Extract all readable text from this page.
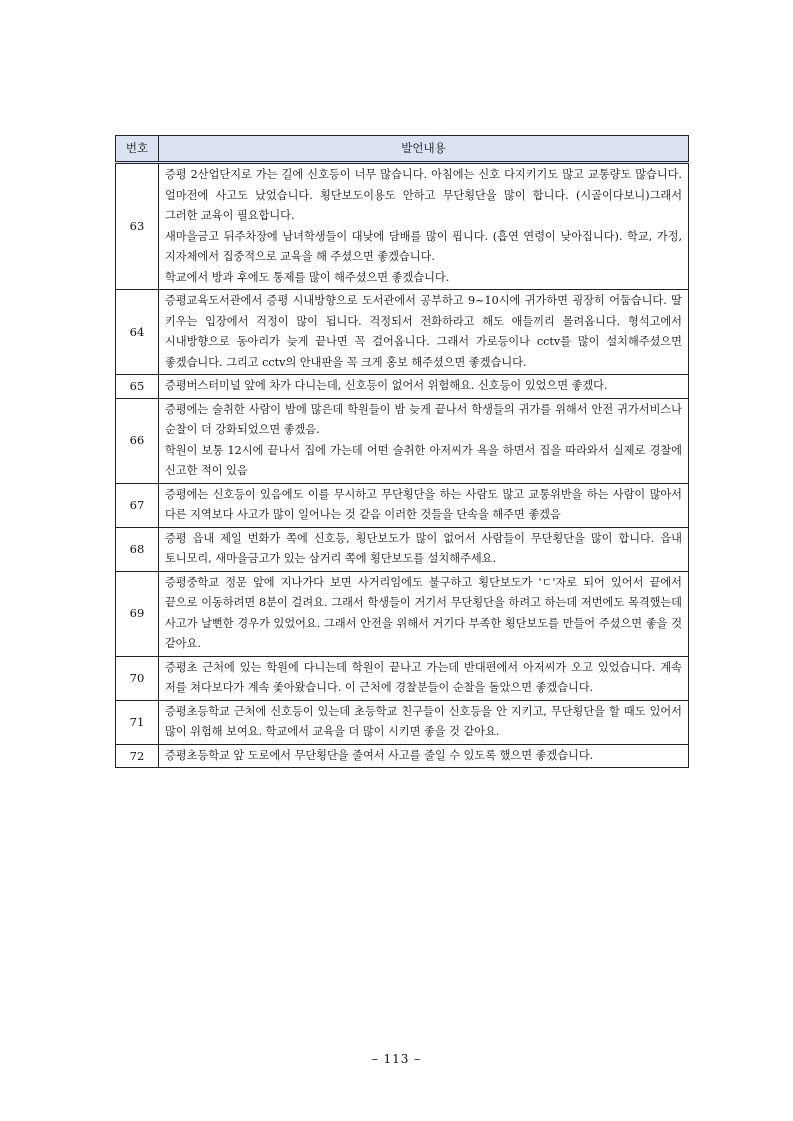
번호	발언내용
63	증평 2산업단지로 가는 길에 신호등이 너무 많습니다. 아침에는 신호 다지키기도 많고 교통량도 많습니다. 얼마전에 사고도 났었습니다. 횡단보도이용도 안하고 무단횡단을 많이 합니다. (시골이다보니)그래서 그러한 교육이 필요합니다.
새마을금고 뒤주차장에 남녀학생들이 대낮에 담배를 많이 핍니다. (흡연 연령이 낮아집니다). 학교, 가정, 지자체에서 집중적으로 교육을 해 주셨으면 좋겠습니다.
학교에서 방과 후에도 통제를 많이 해주셨으면 좋겠습니다.

64	증평교육도서관에서 증평 시내방향으로 도서관에서 공부하고 9~10시에 귀가하면 굉장히 어둡습니다. 딸 키우는 입장에서 걱정이 많이 됩니다. 걱정되서 전화하라고 해도 애들끼리 몰려옵니다. 형석고에서 시내방향으로 동아리가 늦게 끝나면 꼭 걸어옵니다. 그래서 가로등이나 cctv를 많이 설치해주셨으면 좋겠습니다. 그리고 cctv의 안내판을 꼭 크게 홍보 해주셨으면 좋겠습니다.

65	증평버스터미널 앞에 차가 다니는데, 신호등이 없어서 위험해요. 신호등이 있었으면 좋겠다.

66	증평에는 술취한 사람이 밤에 많은데 학원들이 밤 늦게 끝나서 학생들의 귀가를 위해서 안전 귀가서비스나 순찰이 더 강화되었으면 좋겠음.
학원이 보통 12시에 끝나서 집에 가는데 어떤 술취한 아저씨가 욕을 하면서 집을 따라와서 실제로 경찰에 신고한 적이 있음

67	증평에는 신호등이 있음에도 이를 무시하고 무단횡단을 하는 사람도 많고 교통위반을 하는 사람이 많아서 다른 지역보다 사고가 많이 일어나는 것 같음 이러한 것들을 단속을 해주면 좋겠음

68	증평 읍내 제일 번화가 쪽에 신호등, 횡단보도가 많이 없어서 사람들이 무단횡단을 많이 합니다. 읍내 토니모리, 새마을금고가 있는 삼거리 쪽에 횡단보도를 설치해주세요.

69	증평중학교 정문 앞에 지나가다 보면 사거리임에도 불구하고 횡단보도가 'ㄷ'자로 되어 있어서 끝에서 끝으로 이동하려면 8분이 걸려요. 그래서 학생들이 거기서 무단횡단을 하려고 하는데 저번에도 목격했는데 사고가 날뻔한 경우가 있었어요. 그래서 안전을 위해서 거기다 부족한 횡단보도를 만들어 주셨으면 좋을 것 같아요.

70	증평초 근처에 있는 학원에 다니는데 학원이 끝나고 가는데 반대편에서 아저씨가 오고 있었습니다. 계속 저를 쳐다보다가 계속 좇아왔습니다. 이 근처에 경찰분들이 순찰을 돌았으면 좋겠습니다.

71	증평초등학교 근처에 신호등이 있는데 초등학교 친구들이 신호등을 안 지키고, 무단횡단을 할 때도 있어서 많이 위험해 보여요. 학교에서 교육을 더 많이 시키면 좋을 것 같아요.

72	증평초등학교 앞 도로에서 무단횡단을 줄여서 사고를 줄일 수 있도록 했으면 좋겠습니다.
– 113 –
